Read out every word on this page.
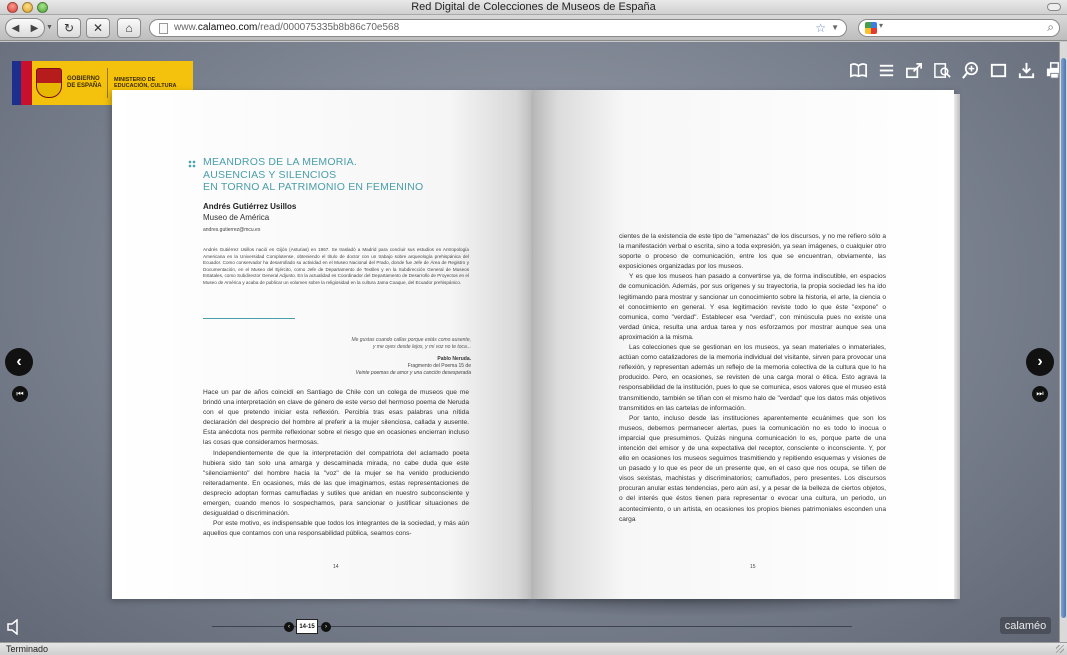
Red Digital de Colecciones de Museos de España
◀	▶	▼ ↻ ✕ ⌂	www.calameo.com/read/000075335b8b86c70e568	☆ ▼	▾	⌕
GOBIERNO DE ESPAÑA
MINISTERIO DE EDUCACIÓN, CULTURA
‹
⏮
›
⏭
MEANDROS DE LA MEMORIA.
AUSENCIAS Y SILENCIOS
EN TORNO AL PATRIMONIO EN FEMENINO
Andrés Gutiérrez Usillos
Museo de América
andres.gutierrez@mcu.es
Andrés Gutiérrez Usillos nació en Gijón (Asturias) en 1967. Se trasladó a Madrid para concluir sus estudios en Antropología Americana en la Universidad Complutense, obteniendo el título de doctor con un trabajo sobre arqueología prehispánica del Ecuador. Como conservador ha desarrollado su actividad en el Museo Nacional del Prado, donde fue Jefe de Área de Registro y Documentación, en el Museo del Ejército, como Jefe de Departamento de Textiles y en la Subdirección General de Museos Estatales, como Subdirector General Adjunto. En la actualidad es Coordinador del Departamento de Desarrollo de Proyectos en el Museo de América y acaba de publicar un volumen sobre la religiosidad en la cultura Jama Coaque, del Ecuador prehispánico.
Me gustas cuando callas porque estás como ausente,
y me oyes desde lejos, y mi voz no te toca...
Pablo Neruda.
Fragmento del Poema 15 de
Veinte poemas de amor y una canción desesperada

Hace un par de años coincidí en Santiago de Chile con un colega de museos que me brindó una interpretación en clave de género de este verso del hermoso poema de Neruda con el que pretendo iniciar esta reflexión. Percibía tras esas palabras una nítida declaración del desprecio del hombre al preferir a la mujer silenciosa, callada y ausente. Esta anécdota nos permite reflexionar sobre el riesgo que en ocasiones encierran incluso las cosas que consideramos hermosas.

Independientemente de que la interpretación del compatriota del aclamado poeta hubiera sido tan solo una amarga y descaminada mirada, no cabe duda que este "silenciamiento" del hombre hacia la "voz" de la mujer se ha venido produciendo reiteradamente. En ocasiones, más de las que imaginamos, estas representaciones de desprecio adoptan formas camufladas y sutiles que anidan en nuestro subconsciente y emergen, cuando menos lo sospechamos, para sancionar o justificar situaciones de desigualdad o discriminación.

Por este motivo, es indispensable que todos los integrantes de la sociedad, y más aún aquellos que contamos con una responsabilidad pública, seamos cons-

14

cientes de la existencia de este tipo de "amenazas" de los discursos, y no me refiero sólo a la manifestación verbal o escrita, sino a toda expresión, ya sean imágenes, o cualquier otro soporte o proceso de comunicación, entre los que se encuentran, obviamente, las exposiciones organizadas por los museos.

Y es que los museos han pasado a convertirse ya, de forma indiscutible, en espacios de comunicación. Además, por sus orígenes y su trayectoria, la propia sociedad les ha ido legitimando para mostrar y sancionar un conocimiento sobre la historia, el arte, la ciencia o el conocimiento en general. Y esa legitimación reviste todo lo que éste "expone" o comunica, como "verdad". Establecer esa "verdad", con minúscula pues no existe una verdad única, resulta una ardua tarea y nos esforzamos por mostrar aunque sea una aproximación a la misma.

Las colecciones que se gestionan en los museos, ya sean materiales o inmateriales, actúan como catalizadores de la memoria individual del visitante, sirven para provocar una reflexión, y representan además un reflejo de la memoria colectiva de la cultura que lo ha producido. Pero, en ocasiones, se revisten de una carga moral o ética. Esto agrava la responsabilidad de la institución, pues lo que se comunica, esos valores que el museo está transmitiendo, también se tiñan con el mismo halo de "verdad" que los datos más objetivos transmitidos en las cartelas de información.

Por tanto, incluso desde las instituciones aparentemente ecuánimes que son los museos, debemos permanecer alertas, pues la comunicación no es todo lo inocua o imparcial que presumimos. Quizás ninguna comunicación lo es, porque parte de una intención del emisor y de una expectativa del receptor, consciente o inconsciente. Y, por ello en ocasiones los museos seguimos trasmitiendo y repitiendo esquemas y visiones de un pasado y lo que es peor de un presente que, en el caso que nos ocupa, se tiñen de visos sexistas, machistas y discriminatorios; camuflados, pero presentes. Los discursos procuran anular estas tendencias, pero aún así, y a pesar de la belleza de ciertos objetos, o del interés que éstos tienen para representar o evocar una cultura, un periodo, un acontecimiento, o un artista, en ocasiones los propios bienes patrimoniales esconden una carga

15
‹	14-15	›	calaméo
Terminado
